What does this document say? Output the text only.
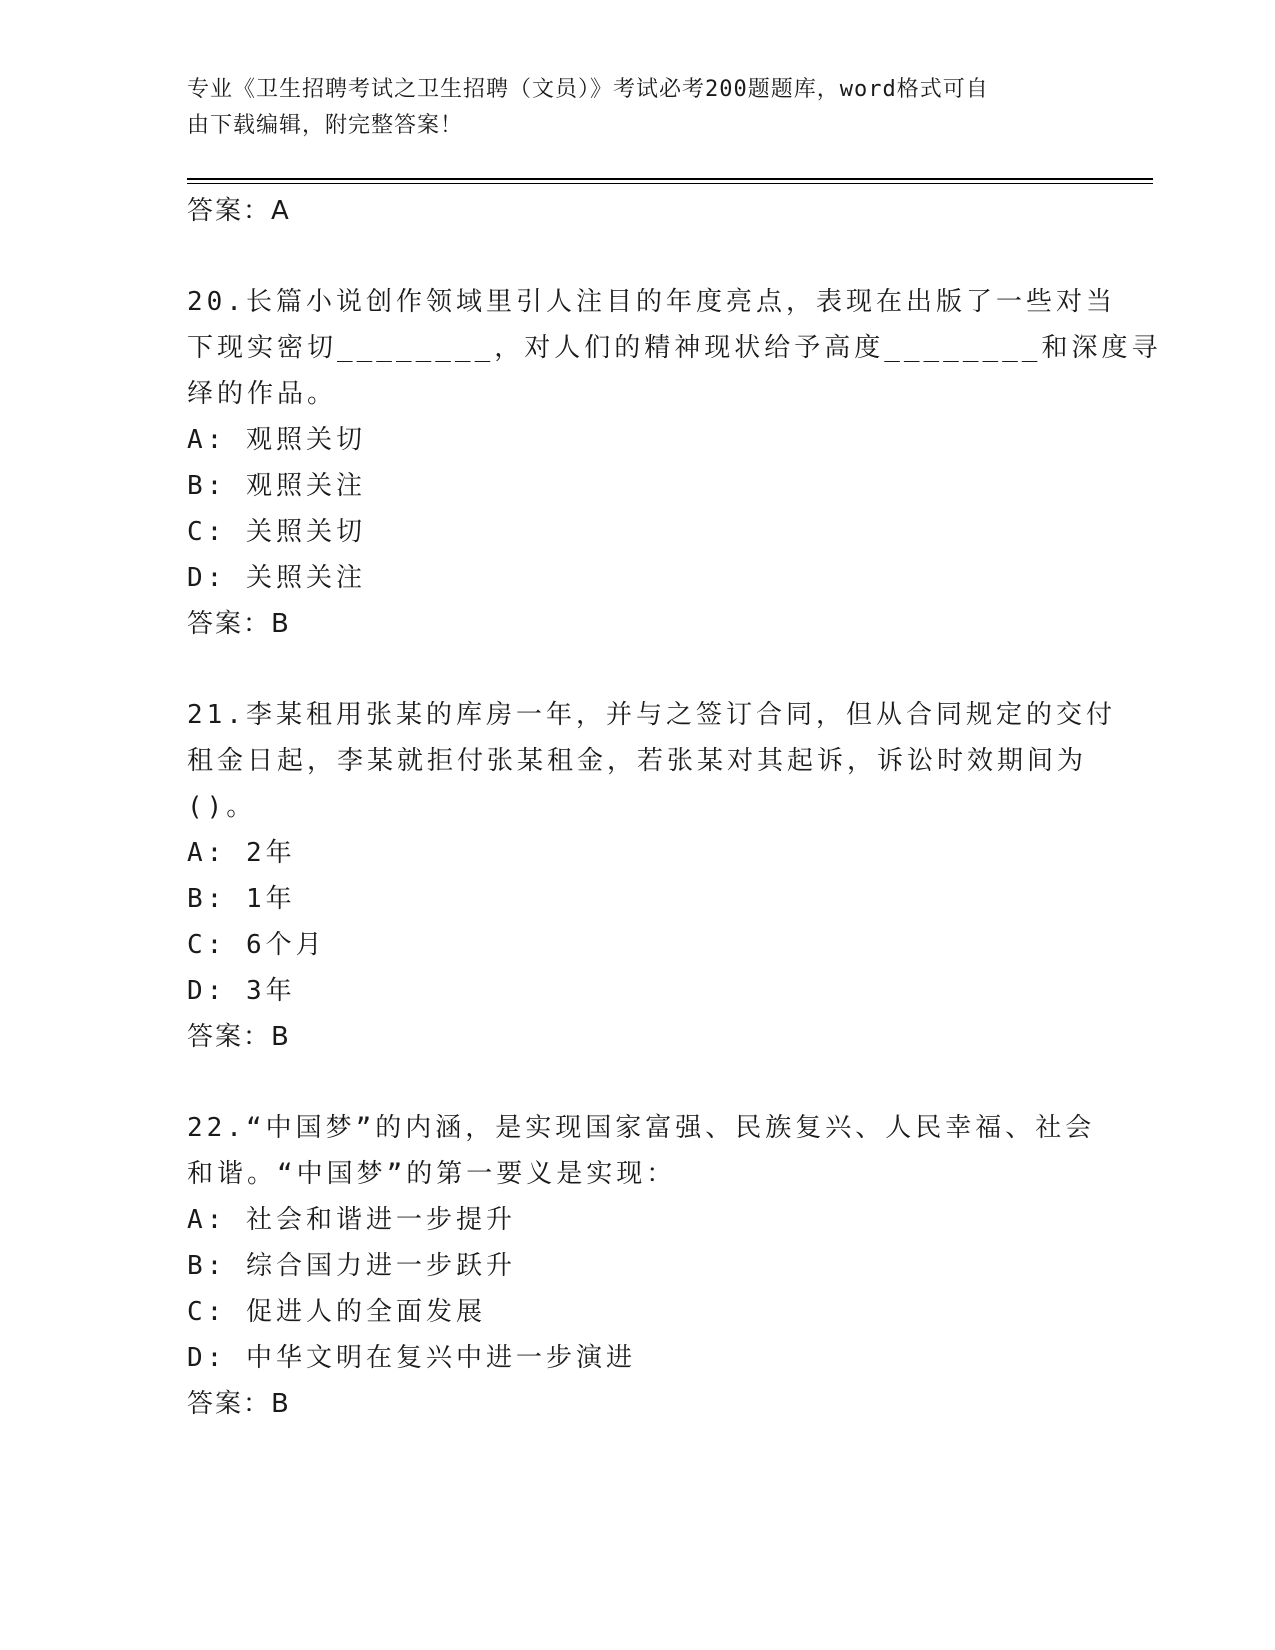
专业《卫生招聘考试之卫生招聘（文员）》考试必考200题题库，word格式可自
由下载编辑，附完整答案！
答案：A
20.长篇小说创作领域里引人注目的年度亮点，表现在出版了一些对当
下现实密切________，对人们的精神现状给予高度________和深度寻
绎的作品。
A: 观照关切
B: 观照关注
C: 关照关切
D: 关照关注
答案：B
21.李某租用张某的库房一年，并与之签订合同，但从合同规定的交付
租金日起，李某就拒付张某租金，若张某对其起诉，诉讼时效期间为
()。
A: 2年
B: 1年
C: 6个月
D: 3年
答案：B
22.“中国梦”的内涵，是实现国家富强、民族复兴、人民幸福、社会
和谐。“中国梦”的第一要义是实现：
A: 社会和谐进一步提升
B: 综合国力进一步跃升
C: 促进人的全面发展
D: 中华文明在复兴中进一步演进
答案：B
